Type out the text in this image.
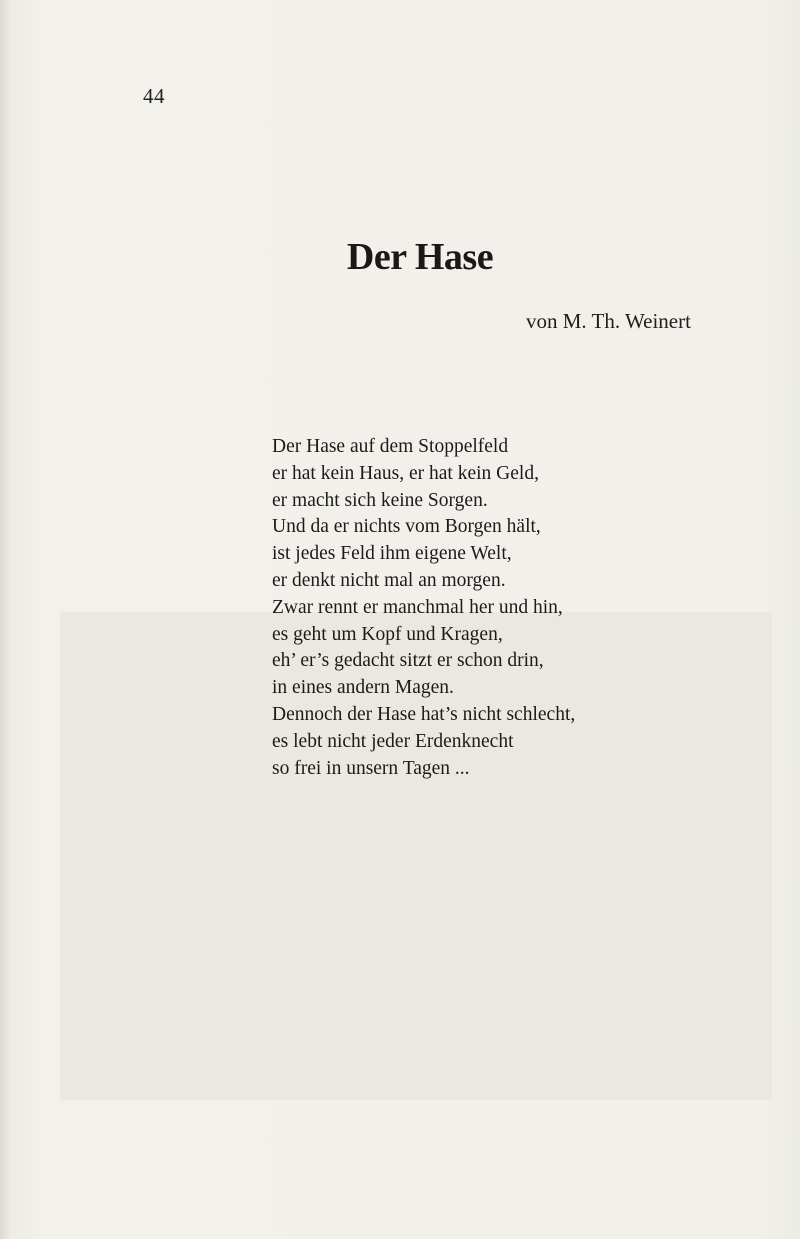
44
Der Hase
von M. Th. Weinert
Der Hase auf dem Stoppelfeld
er hat kein Haus, er hat kein Geld,
er macht sich keine Sorgen.
Und da er nichts vom Borgen hält,
ist jedes Feld ihm eigene Welt,
er denkt nicht mal an morgen.
Zwar rennt er manchmal her und hin,
es geht um Kopf und Kragen,
eh’ er’s gedacht sitzt er schon drin,
in eines andern Magen.
Dennoch der Hase hat’s nicht schlecht,
es lebt nicht jeder Erdenknecht
so frei in unsern Tagen ...
